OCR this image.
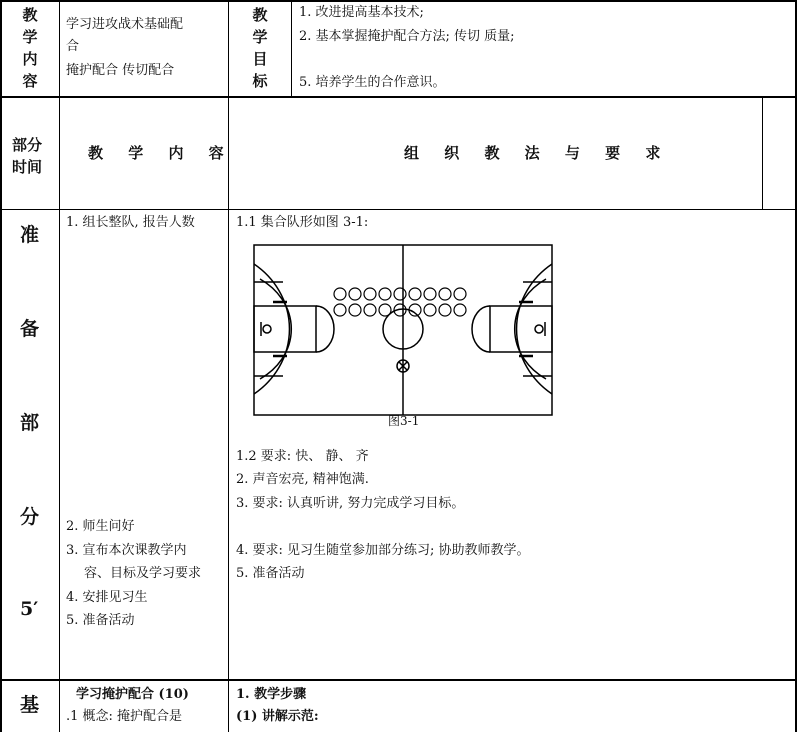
教
学
内
容
学习进攻战术基础配
合
掩护配合 传切配合
教
学
目
标
1. 改进提高基本技术;
2. 基本掌握掩护配合方法; 传切 质量;
5. 培养学生的合作意识。
部分
时间
教 学 内 容	组 织 教 法 与 要 求
准
备
部
分
5′
1. 组长整队, 报告人数
2. 师生问好
3. 宣布本次课教学内
容、目标及学习要求
4. 安排见习生
5. 准备活动
1.1 集合队形如图 3-1:
图3-1
1.2 要求: 快、 静、 齐
2. 声音宏亮, 精神饱满.
3. 要求: 认真听讲, 努力完成学习目标。
4. 要求: 见习生随堂参加部分练习; 协助教师教学。
5. 准备活动
基	学习掩护配合 (10)
.1 概念: 掩护配合是
1. 教学步骤
(1) 讲解示范:
